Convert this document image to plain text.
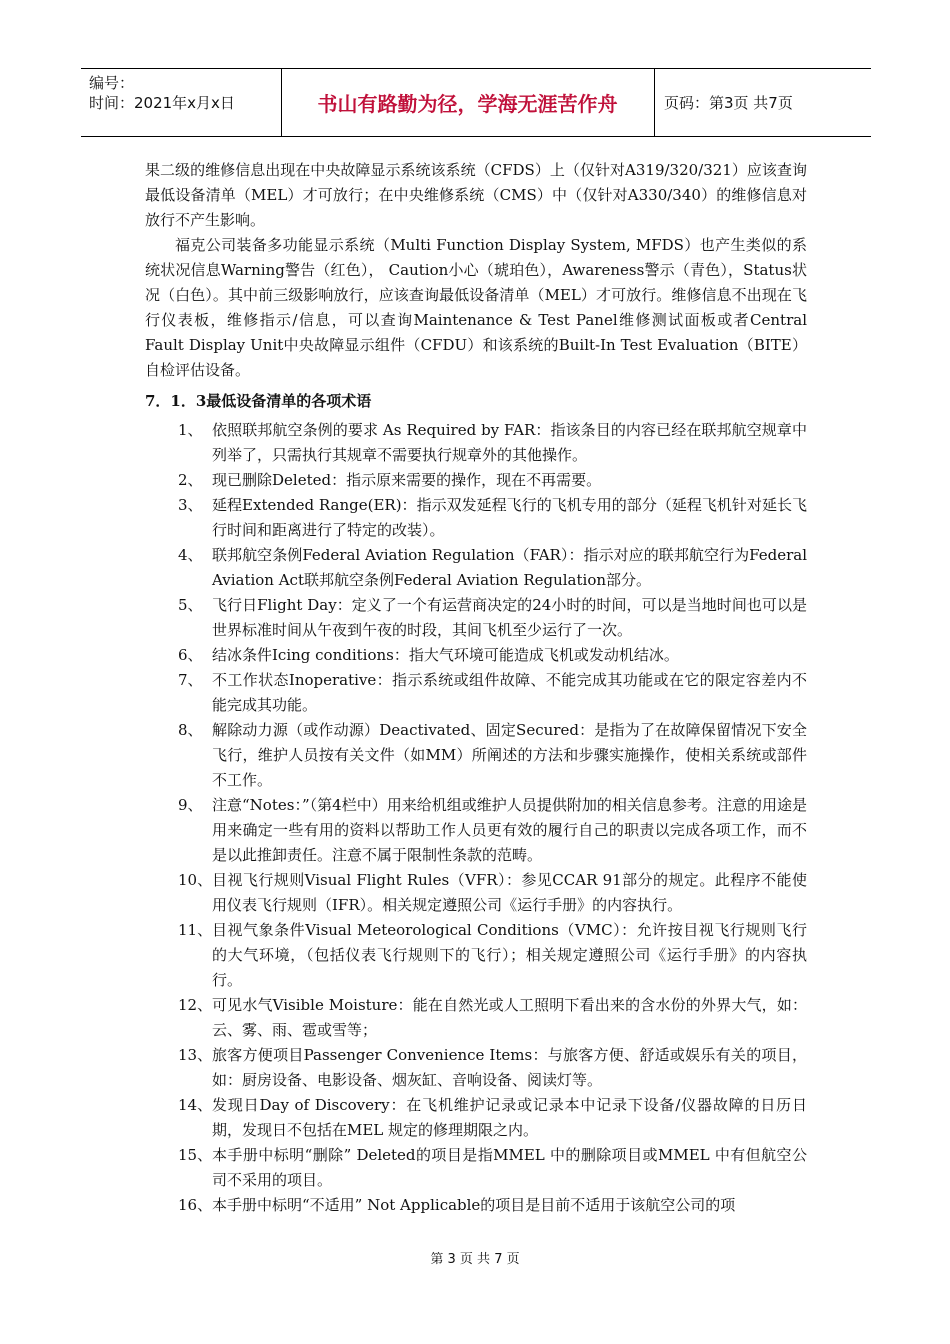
编号：
时间：2021年x月x日	书山有路勤为径，学海无涯苦作舟	页码：第3页 共7页

果二级的维修信息出现在中央故障显示系统该系统（CFDS）上（仅针对A319/320/321）应该查询最低设备清单（MEL）才可放行；在中央维修系统（CMS）中（仅针对A330/340）的维修信息对放行不产生影响。

福克公司装备多功能显示系统（Multi Function Display System, MFDS）也产生类似的系统状况信息Warning警告（红色）， Caution小心（琥珀色），Awareness警示（青色），Status状况（白色）。其中前三级影响放行，应该查询最低设备清单（MEL）才可放行。维修信息不出现在飞行仪表板，维修指示/信息，可以查询Maintenance & Test Panel维修测试面板或者Central Fault Display Unit中央故障显示组件（CFDU）和该系统的Built-In Test Evaluation（BITE）自检评估设备。

7．1．3最低设备清单的各项术语

1、 依照联邦航空条例的要求 As Required by FAR：指该条目的内容已经在联邦航空规章中列举了，只需执行其规章不需要执行规章外的其他操作。

2、 现已删除Deleted：指示原来需要的操作，现在不再需要。

3、 延程Extended Range(ER)：指示双发延程飞行的飞机专用的部分（延程飞机针对延长飞行时间和距离进行了特定的改装）。

4、 联邦航空条例Federal Aviation Regulation（FAR）：指示对应的联邦航空行为Federal Aviation Act联邦航空条例Federal Aviation Regulation部分。

5、 飞行日Flight Day：定义了一个有运营商决定的24小时的时间，可以是当地时间也可以是世界标准时间从午夜到午夜的时段，其间飞机至少运行了一次。

6、 结冰条件Icing conditions：指大气环境可能造成飞机或发动机结冰。

7、 不工作状态Inoperative：指示系统或组件故障、不能完成其功能或在它的限定容差内不能完成其功能。

8、 解除动力源（或作动源）Deactivated、固定Secured：是指为了在故障保留情况下安全飞行，维护人员按有关文件（如MM）所阐述的方法和步骤实施操作，使相关系统或部件不工作。

9、 注意“Notes：”（第4栏中）用来给机组或维护人员提供附加的相关信息参考。注意的用途是用来确定一些有用的资料以帮助工作人员更有效的履行自己的职责以完成各项工作，而不是以此推卸责任。注意不属于限制性条款的范畴。

10、 目视飞行规则Visual Flight Rules（VFR）：参见CCAR 91部分的规定。此程序不能使用仪表飞行规则（IFR）。相关规定遵照公司《运行手册》的内容执行。

11、 目视气象条件Visual Meteorological Conditions（VMC）：允许按目视飞行规则飞行的大气环境，（包括仪表飞行规则下的飞行）；相关规定遵照公司《运行手册》的内容执行。

12、 可见水气Visible Moisture：能在自然光或人工照明下看出来的含水份的外界大气，如：云、雾、雨、雹或雪等；

13、 旅客方便项目Passenger Convenience Items：与旅客方便、舒适或娱乐有关的项目，如：厨房设备、电影设备、烟灰缸、音响设备、阅读灯等。

14、 发现日Day of Discovery：在飞机维护记录或记录本中记录下设备/仪器故障的日历日期，发现日不包括在MEL 规定的修理期限之内。

15、 本手册中标明“删除” Deleted的项目是指MMEL 中的删除项目或MMEL 中有但航空公司不采用的项目。

16、 本手册中标明“不适用” Not Applicable的项目是目前不适用于该航空公司的项

第 3 页 共 7 页
